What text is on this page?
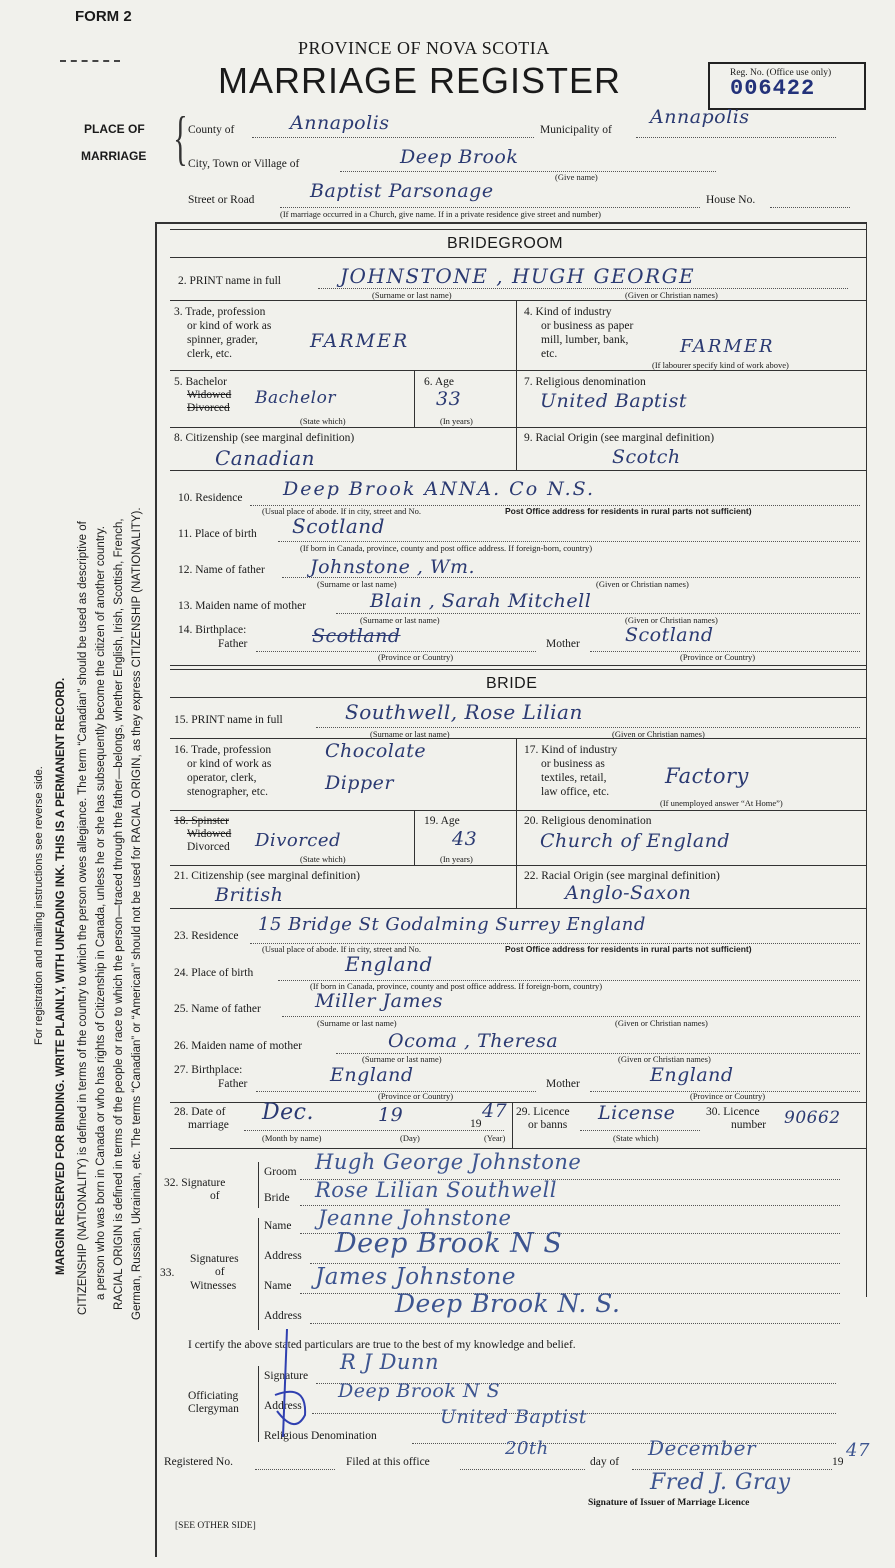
FORM 2
PROVINCE OF NOVA SCOTIA
MARRIAGE REGISTER	Reg. No. (Office use only)
006422
PLACE OF
MARRIAGE { County of	Annapolis	Municipality of
Annapolis
City, Town or Village of	Deep Brook
(Give name)
Street or Road	Baptist Parsonage	House No.
(If marriage occurred in a Church, give name. If in a private residence give street and number)
For registration and mailing instructions see reverse side. MARGIN RESERVED FOR BINDING. WRITE PLAINLY, WITH UNFADING INK. THIS IS A PERMANENT RECORD. CITIZENSHIP (NATIONALITY) is defined in terms of the country to which the person owes allegiance. The term “Canadian” should be used as descriptive of a person who was born in Canada or who has rights of Citizenship in Canada, unless he or she has subsequently become the citizen of another country. RACIAL ORIGIN is defined in terms of the people or race to which the person—traced through the father—belongs, whether English, Irish, Scottish, French, German, Russian, Ukrainian, etc. The terms “Canadian” or “American” should not be used for RACIAL ORIGIN, as they express CITIZENSHIP (NATIONALITY).
BRIDEGROOM
2. PRINT name in full	JOHNSTONE , HUGH GEORGE
(Surname or last name)	(Given or Christian names)
3. Trade, profession
or kind of work as
spinner, grader,
clerk, etc.
FARMER
4. Kind of industry
or business as paper
mill, lumber, bank,
etc.	FARMER
(If labourer specify kind of work above)
5. Bachelor
Widowed
Divorced Bachelor
(State which)
6. Age
33
(In years)
7. Religious denomination
United Baptist
8. Citizenship (see marginal definition)
Canadian
9. Racial Origin (see marginal definition)
Scotch
10. Residence Deep Brook ANNA. Co N.S.
(Usual place of abode. If in city, street and No.	Post Office address for residents in rural parts not sufficient)
11. Place of birth Scotland
(If born in Canada, province, county and post office address. If foreign-born, country)
12. Name of father Johnstone , Wm.
(Surname or last name)	(Given or Christian names)
13. Maiden name of mother	Blain , Sarah Mitchell
(Surname or last name)	(Given or Christian names)
14. Birthplace:
Father	Scotland	Mother Scotland
(Province or Country)	(Province or Country)
BRIDE
15. PRINT name in full	Southwell, Rose Lilian
(Surname or last name)	(Given or Christian names)
16. Trade, profession
or kind of work as
operator, clerk,
stenographer, etc.
Chocolate
Dipper
17. Kind of industry
or business as
textiles, retail,
law office, etc.
Factory
(If unemployed answer “At Home”)
18. Spinster
Widowed
Divorced Divorced
(State which)
19. Age
43
(In years)
20. Religious denomination
Church of England
21. Citizenship (see marginal definition)
British
22. Racial Origin (see marginal definition)
Anglo-Saxon
23. Residence
15 Bridge St Godalming Surrey England
(Usual place of abode. If in city, street and No.	Post Office address for residents in rural parts not sufficient)
24. Place of birth	England
(If born in Canada, province, county and post office address. If foreign-born, country)
25. Name of father	Miller James
(Surname or last name)	(Given or Christian names)
26. Maiden name of mother	Ocoma , Theresa
(Surname or last name)	(Given or Christian names)
27. Birthplace:
Father	England	Mother	England
(Province or Country)	(Province or Country)
28. Date of
marriage Dec.	19	19
47
(Month by name)	(Day)	(Year)
29. Licence
or banns
License
(State which)
30. Licence
number 90662
32. Signature
of
Groom Hugh George Johnstone
Bride Rose Lilian Southwell
33.
Signatures
of
Witnesses
Name Jeanne Johnstone
Address Deep Brook N S
Name James Johnstone
Address	Deep Brook N. S.
I certify the above stated particulars are true to the best of my knowledge and belief.
Officiating
Clergyman
Signature
R J Dunn
Address
Deep Brook N S
Religious Denomination
United Baptist
Registered No.	Filed at this office
20th
day of
December
19
47
Fred J. Gray
Signature of Issuer of Marriage Licence
[SEE OTHER SIDE]
